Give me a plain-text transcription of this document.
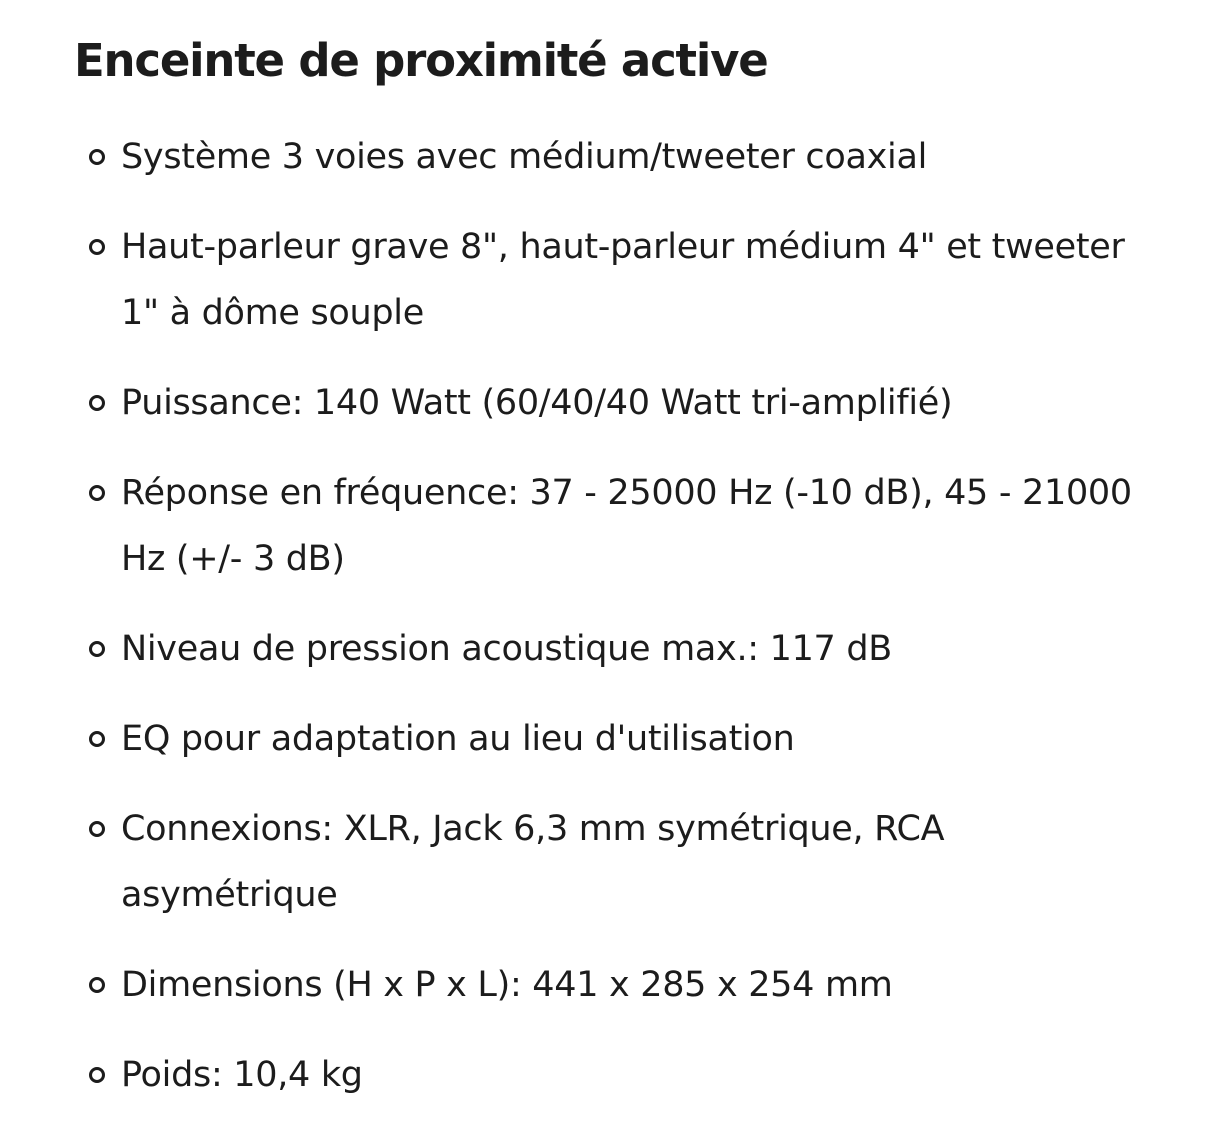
Enceinte de proximité active
Système 3 voies avec médium/tweeter coaxial
Haut-parleur grave 8", haut-parleur médium 4" et tweeter 1" à dôme souple
Puissance: 140 Watt (60/40/40 Watt tri-amplifié)
Réponse en fréquence: 37 - 25000 Hz (-10 dB), 45 - 21000 Hz (+/- 3 dB)
Niveau de pression acoustique max.: 117 dB
EQ pour adaptation au lieu d'utilisation
Connexions: XLR, Jack 6,3 mm symétrique, RCA asymétrique
Dimensions (H x P x L): 441 x 285 x 254 mm
Poids: 10,4 kg
